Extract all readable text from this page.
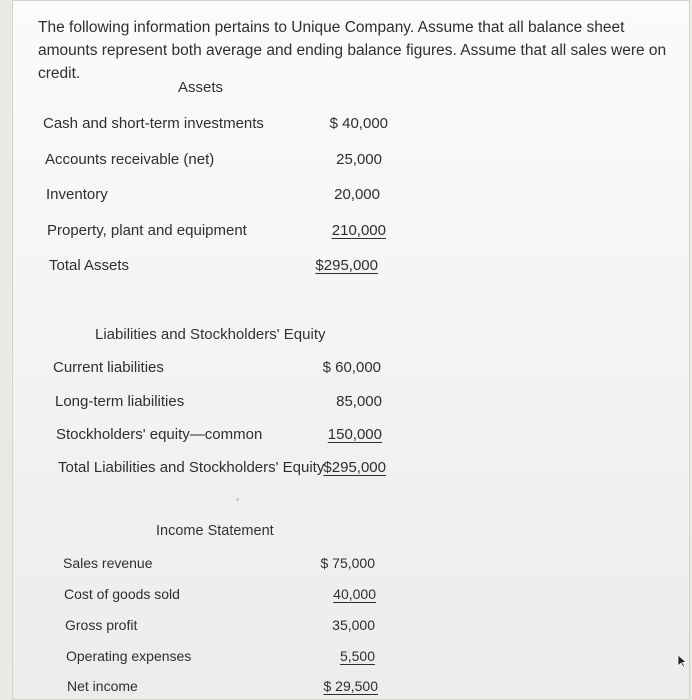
The following information pertains to Unique Company. Assume that all balance sheet amounts represent both average and ending balance figures. Assume that all sales were on credit.
Assets
Cash and short-term investments	$ 40,000
Accounts receivable (net)	25,000
Inventory	20,000
Property, plant and equipment	210,000
Total Assets	$295,000
Liabilities and Stockholders' Equity
Current liabilities	$ 60,000
Long-term liabilities	85,000
Stockholders' equity—common	150,000
Total Liabilities and Stockholders' Equity $295,000
Income Statement
Sales revenue	$ 75,000
Cost of goods sold	40,000
Gross profit	35,000
Operating expenses	5,500
Net income	$ 29,500
